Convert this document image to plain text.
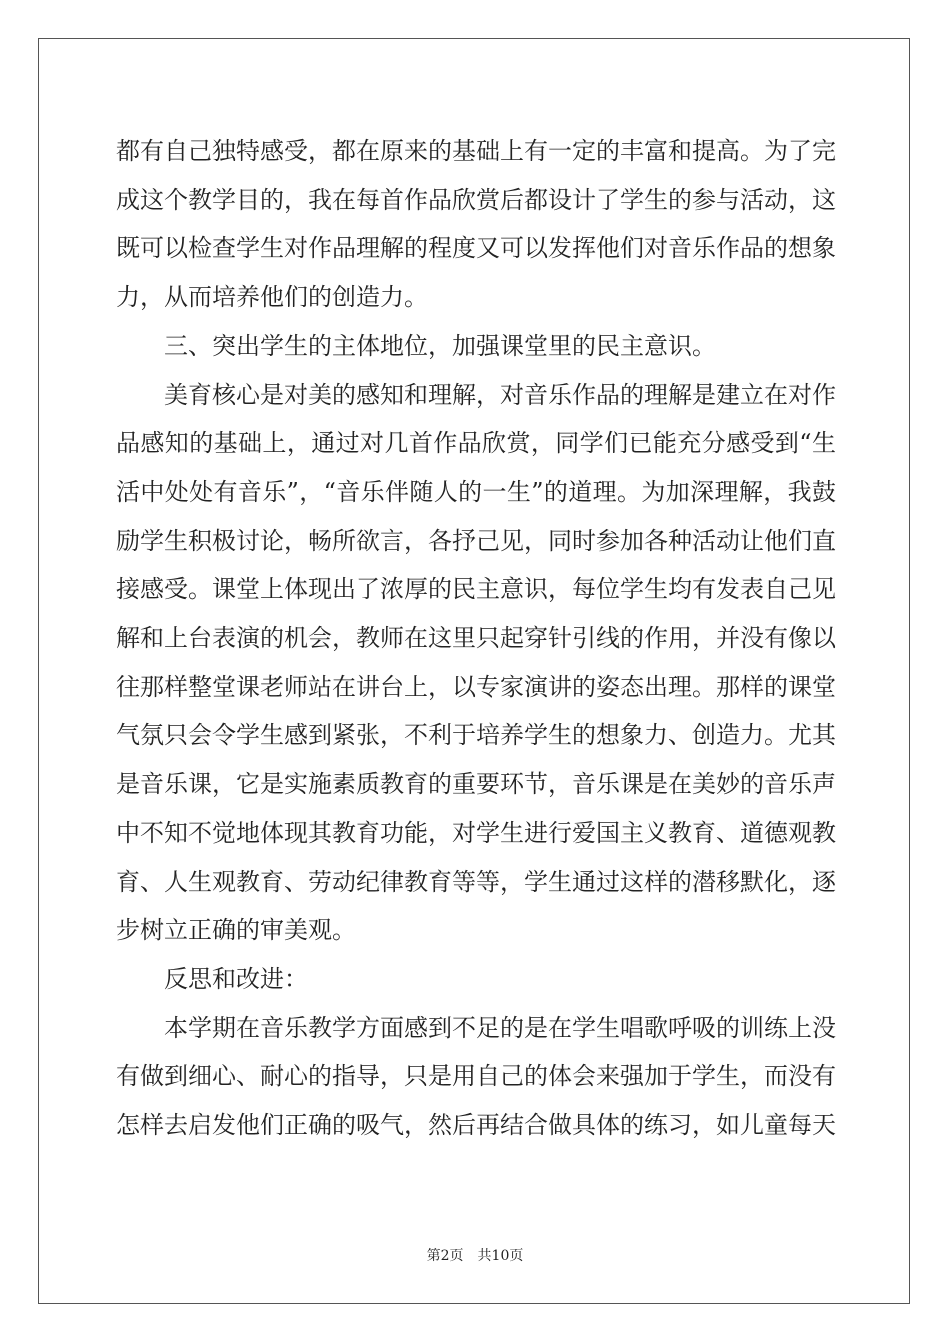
都有自己独特感受，都在原来的基础上有一定的丰富和提高。为了完成这个教学目的，我在每首作品欣赏后都设计了学生的参与活动，这既可以检查学生对作品理解的程度又可以发挥他们对音乐作品的想象力，从而培养他们的创造力。

三、突出学生的主体地位，加强课堂里的民主意识。

美育核心是对美的感知和理解，对音乐作品的理解是建立在对作品感知的基础上，通过对几首作品欣赏，同学们已能充分感受到“生活中处处有音乐”，“音乐伴随人的一生”的道理。为加深理解，我鼓励学生积极讨论，畅所欲言，各抒己见，同时参加各种活动让他们直接感受。课堂上体现出了浓厚的民主意识，每位学生均有发表自己见解和上台表演的机会，教师在这里只起穿针引线的作用，并没有像以往那样整堂课老师站在讲台上，以专家演讲的姿态出理。那样的课堂气氛只会令学生感到紧张，不利于培养学生的想象力、创造力。尤其是音乐课，它是实施素质教育的重要环节，音乐课是在美妙的音乐声中不知不觉地体现其教育功能，对学生进行爱国主义教育、道德观教育、人生观教育、劳动纪律教育等等，学生通过这样的潜移默化，逐步树立正确的审美观。

反思和改进：

本学期在音乐教学方面感到不足的是在学生唱歌呼吸的训练上没有做到细心、耐心的指导，只是用自己的体会来强加于学生，而没有怎样去启发他们正确的吸气，然后再结合做具体的练习，如儿童每天

第2页 共10页
